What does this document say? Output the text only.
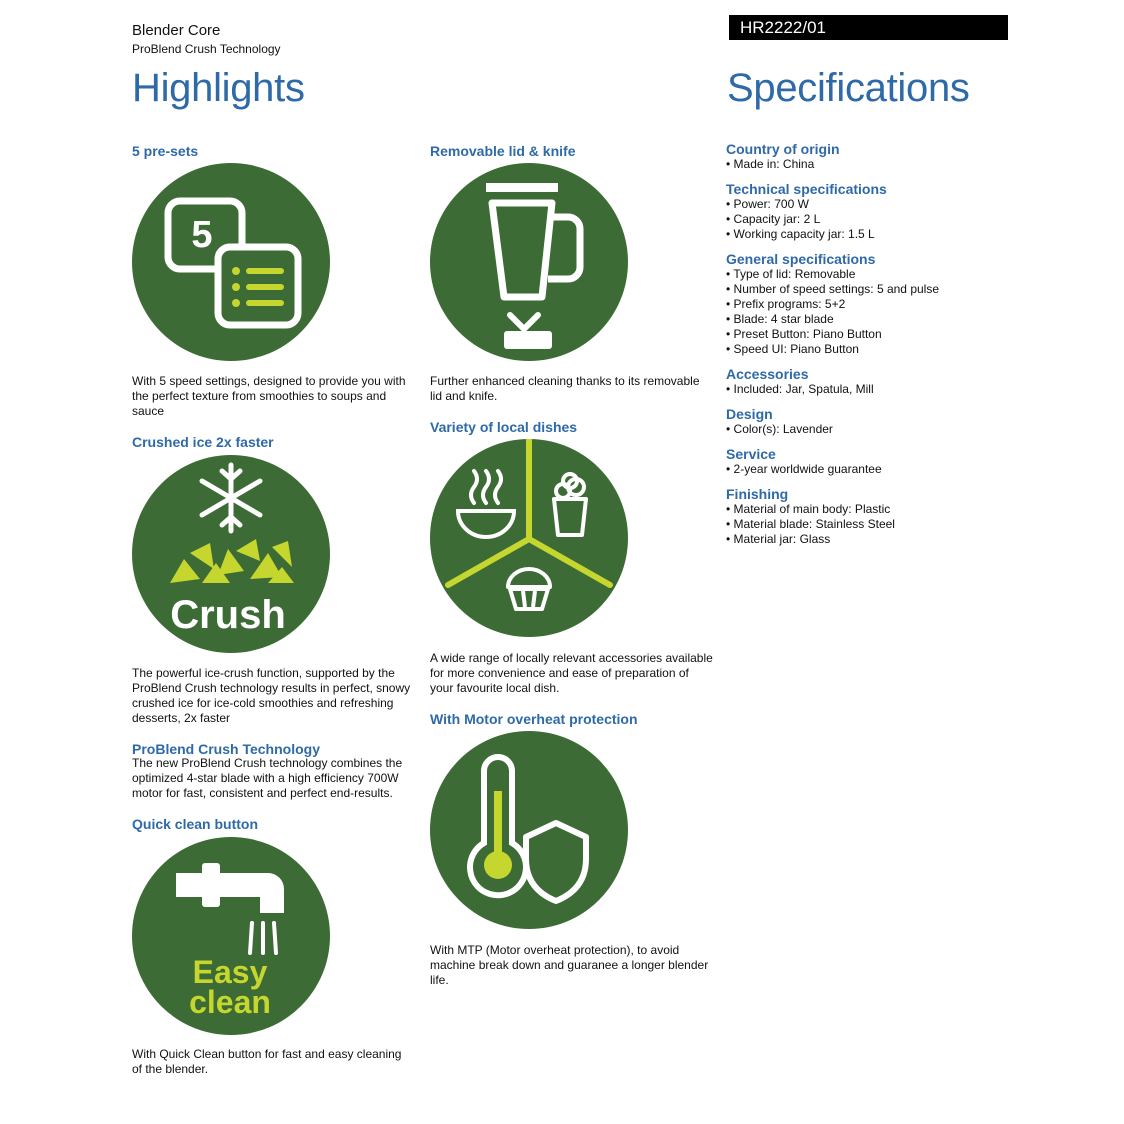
Blender Core
ProBlend Crush Technology
HR2222/01
Highlights	Specifications
5 pre-sets
5
With 5 speed settings, designed to provide you with the perfect texture from smoothies to soups and sauce
Crushed ice 2x faster
Crush
The powerful ice-crush function, supported by the ProBlend Crush technology results in perfect, snowy crushed ice for ice-cold smoothies and refreshing desserts, 2x faster
ProBlend Crush Technology
The new ProBlend Crush technology combines the optimized 4-star blade with a high efficiency 700W motor for fast, consistent and perfect end-results.
Quick clean button
Easy
clean
With Quick Clean button for fast and easy cleaning of the blender.
Removable lid & knife
Further enhanced cleaning thanks to its removable lid and knife.
Variety of local dishes
A wide range of locally relevant accessories available for more convenience and ease of preparation of your favourite local dish.
With Motor overheat protection
With MTP (Motor overheat protection), to avoid machine break down and guaranee a longer blender life.
Country of origin
• Made in: China
Technical specifications
• Power: 700 W
• Capacity jar: 2 L
• Working capacity jar: 1.5 L
General specifications
• Type of lid: Removable
• Number of speed settings: 5 and pulse
• Prefix programs: 5+2
• Blade: 4 star blade
• Preset Button: Piano Button
• Speed UI: Piano Button
Accessories
• Included: Jar, Spatula, Mill
Design
• Color(s): Lavender
Service
• 2-year worldwide guarantee
Finishing
• Material of main body: Plastic
• Material blade: Stainless Steel
• Material jar: Glass
